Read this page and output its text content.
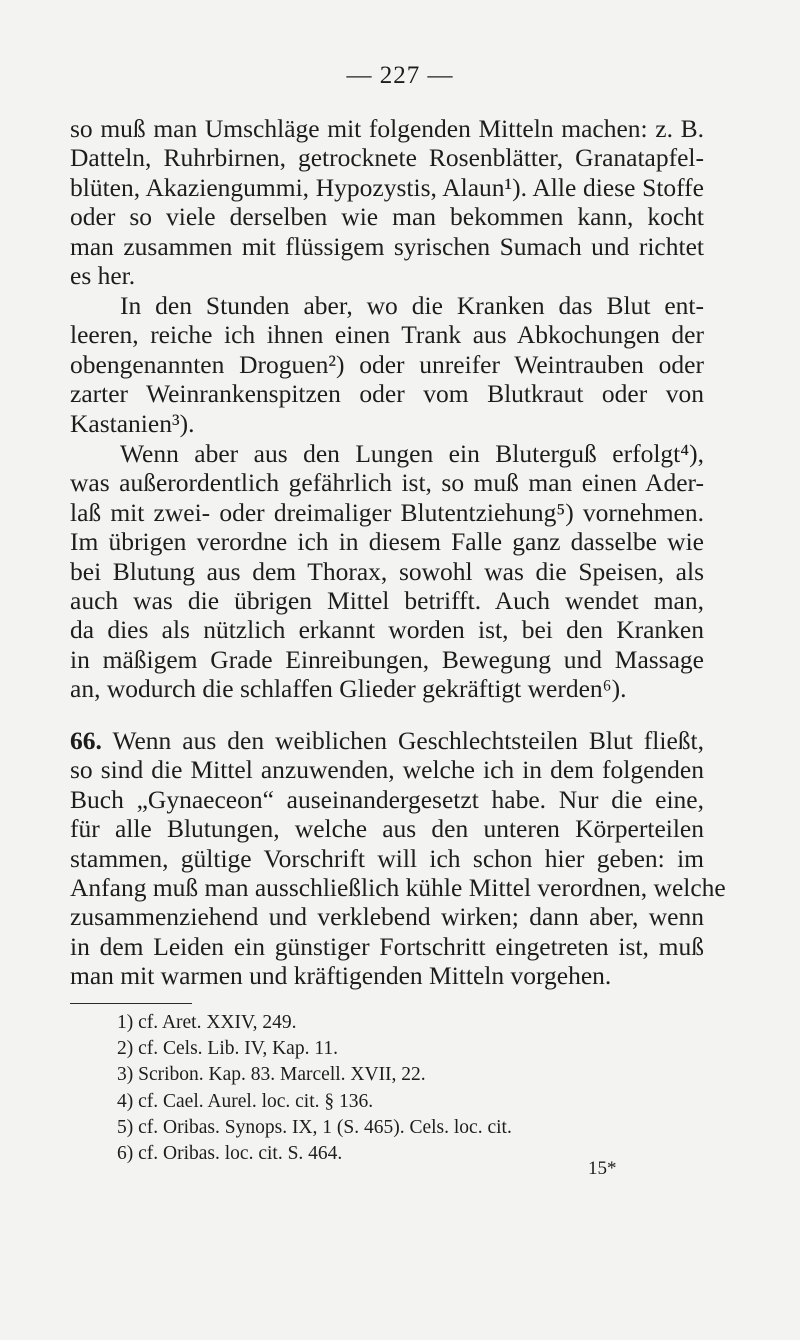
— 227 —
so muß man Umschläge mit folgenden Mitteln machen: z. B.
Datteln, Ruhrbirnen, getrocknete Rosenblätter, Granatapfel-
blüten, Akaziengummi, Hypozystis, Alaun¹). Alle diese Stoffe
oder so viele derselben wie man bekommen kann, kocht
man zusammen mit flüssigem syrischen Sumach und richtet
es her.
In den Stunden aber, wo die Kranken das Blut ent-
leeren, reiche ich ihnen einen Trank aus Abkochungen der
obengenannten Droguen²) oder unreifer Weintrauben oder
zarter Weinrankenspitzen oder vom Blutkraut oder von
Kastanien³).
Wenn aber aus den Lungen ein Bluterguß erfolgt⁴),
was außerordentlich gefährlich ist, so muß man einen Ader-
laß mit zwei- oder dreimaliger Blutentziehung⁵) vornehmen.
Im übrigen verordne ich in diesem Falle ganz dasselbe wie
bei Blutung aus dem Thorax, sowohl was die Speisen, als
auch was die übrigen Mittel betrifft. Auch wendet man,
da dies als nützlich erkannt worden ist, bei den Kranken
in mäßigem Grade Einreibungen, Bewegung und Massage
an, wodurch die schlaffen Glieder gekräftigt werden⁶).
66. Wenn aus den weiblichen Geschlechtsteilen Blut fließt,
so sind die Mittel anzuwenden, welche ich in dem folgenden
Buch „Gynaeceon“ auseinandergesetzt habe. Nur die eine,
für alle Blutungen, welche aus den unteren Körperteilen
stammen, gültige Vorschrift will ich schon hier geben: im
Anfang muß man ausschließlich kühle Mittel verordnen, welche
zusammenziehend und verklebend wirken; dann aber, wenn
in dem Leiden ein günstiger Fortschritt eingetreten ist, muß
man mit warmen und kräftigenden Mitteln vorgehen.
1) cf. Aret. XXIV, 249.
2) cf. Cels. Lib. IV, Kap. 11.
3) Scribon. Kap. 83. Marcell. XVII, 22.
4) cf. Cael. Aurel. loc. cit. § 136.
5) cf. Oribas. Synops. IX, 1 (S. 465). Cels. loc. cit.
6) cf. Oribas. loc. cit. S. 464.
15*
